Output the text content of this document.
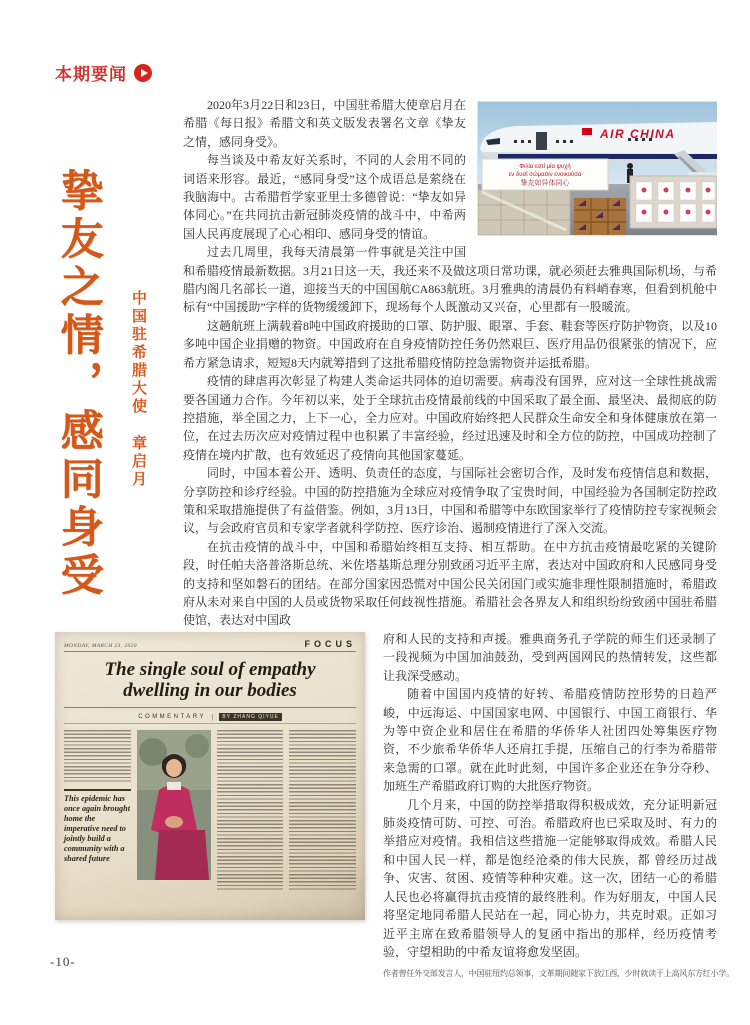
本期要闻
挚友之情，感同身受 中国驻希腊大使 章启月
AIR CHINA
Φιλία εστί μία ψυχή
εν δυσί σώμασιν ενοικούσα
挚友如异体同心

2020年3月22日和23日，中国驻希腊大使章启月在希腊《每日报》希腊文和英文版发表署名文章《挚友之情，感同身受》。

每当谈及中希友好关系时，不同的人会用不同的词语来形容。最近，“感同身受”这个成语总是萦绕在我脑海中。古希腊哲学家亚里士多德曾说：“挚友如异体同心。”在共同抗击新冠肺炎疫情的战斗中，中希两国人民再度展现了心心相印、感同身受的情谊。

过去几周里，我每天清晨第一件事就是关注中国和希腊疫情最新数据。3月21日这一天，我还来不及做这项日常功课，就必须赶去雅典国际机场，与希腊内阁几名部长一道，迎接当天的中国国航CA863航班。3月雅典的清晨仍有料峭春寒，但看到机舱中标有“中国援助”字样的货物缓缓卸下，现场每个人既激动又兴奋，心里都有一股暖流。

这趟航班上满载着8吨中国政府援助的口罩、防护服、眼罩、手套、鞋套等医疗防护物资，以及10多吨中国企业捐赠的物资。中国政府在自身疫情防控任务仍然艰巨、医疗用品仍很紧张的情况下，应希方紧急请求，短短8天内就筹措到了这批希腊疫情防控急需物资并运抵希腊。

疫情的肆虐再次彰显了构建人类命运共同体的迫切需要。病毒没有国界，应对这一全球性挑战需要各国通力合作。今年初以来，处于全球抗击疫情最前线的中国采取了最全面、最坚决、最彻底的防控措施，举全国之力，上下一心，全力应对。中国政府始终把人民群众生命安全和身体健康放在第一位，在过去历次应对疫情过程中也积累了丰富经验，经过迅速及时和全方位的防控，中国成功控制了疫情在境内扩散，也有效延迟了疫情向其他国家蔓延。

同时，中国本着公开、透明、负责任的态度，与国际社会密切合作，及时发布疫情信息和数据，分享防控和诊疗经验。中国的防控措施为全球应对疫情争取了宝贵时间，中国经验为各国制定防控政策和采取措施提供了有益借鉴。例如，3月13日，中国和希腊等中东欧国家举行了疫情防控专家视频会议，与会政府官员和专家学者就科学防控、医疗诊治、遏制疫情进行了深入交流。

在抗击疫情的战斗中，中国和希腊始终相互支持、相互帮助。在中方抗击疫情最吃紧的关键阶段，时任帕夫洛普洛斯总统、米佐塔基斯总理分别致函习近平主席，表达对中国政府和人民感同身受的支持和坚如磐石的团结。在部分国家因恐慌对中国公民关闭国门或实施非理性限制措施时，希腊政府从未对来自中国的人员或货物采取任何歧视性措施。希腊社会各界友人和组织纷纷致函中国驻希腊使馆，表达对中国政

府和人民的支持和声援。雅典商务孔子学院的师生们还录制了一段视频为中国加油鼓劲，受到两国网民的热情转发，这些都让我深受感动。

随着中国国内疫情的好转、希腊疫情防控形势的日趋严峻，中远海运、中国国家电网、中国银行、中国工商银行、华为等中资企业和居住在希腊的华侨华人社团四处筹集医疗物资，不少旅希华侨华人还肩扛手提，压缩自己的行李为希腊带来急需的口罩。就在此时此刻，中国许多企业还在争分夺秒、加班生产希腊政府订购的大批医疗物资。

几个月来，中国的防控举措取得积极成效，充分证明新冠肺炎疫情可防、可控、可治。希腊政府也已采取及时、有力的举措应对疫情。我相信这些措施一定能够取得成效。希腊人民和中国人民一样，都是饱经沧桑的伟大民族，都 曾经历过战争、灾害、贫困、疫情等种种灾难。这一次，团结一心的希腊人民也必将赢得抗击疫情的最终胜利。作为好朋友，中国人民将坚定地同希腊人民站在一起，同心协力，共克时艰。正如习近平主席在致希腊领导人的复函中指出的那样，经历疫情考验，守望相助的中希友谊将愈发坚固。

作者曾任外交部发言人，中国驻纽约总领事，文革期间随家下放江西，少时就读于上高风东方红小学。
MONDAY, MARCH 23, 2020	FOCUS
The single soul of empathy
dwelling in our bodies
COMMENTARY |	BY ZHANG QIYUE
This epidemic has once again brought home the imperative need to jointly build a community with a shared future
-10-
